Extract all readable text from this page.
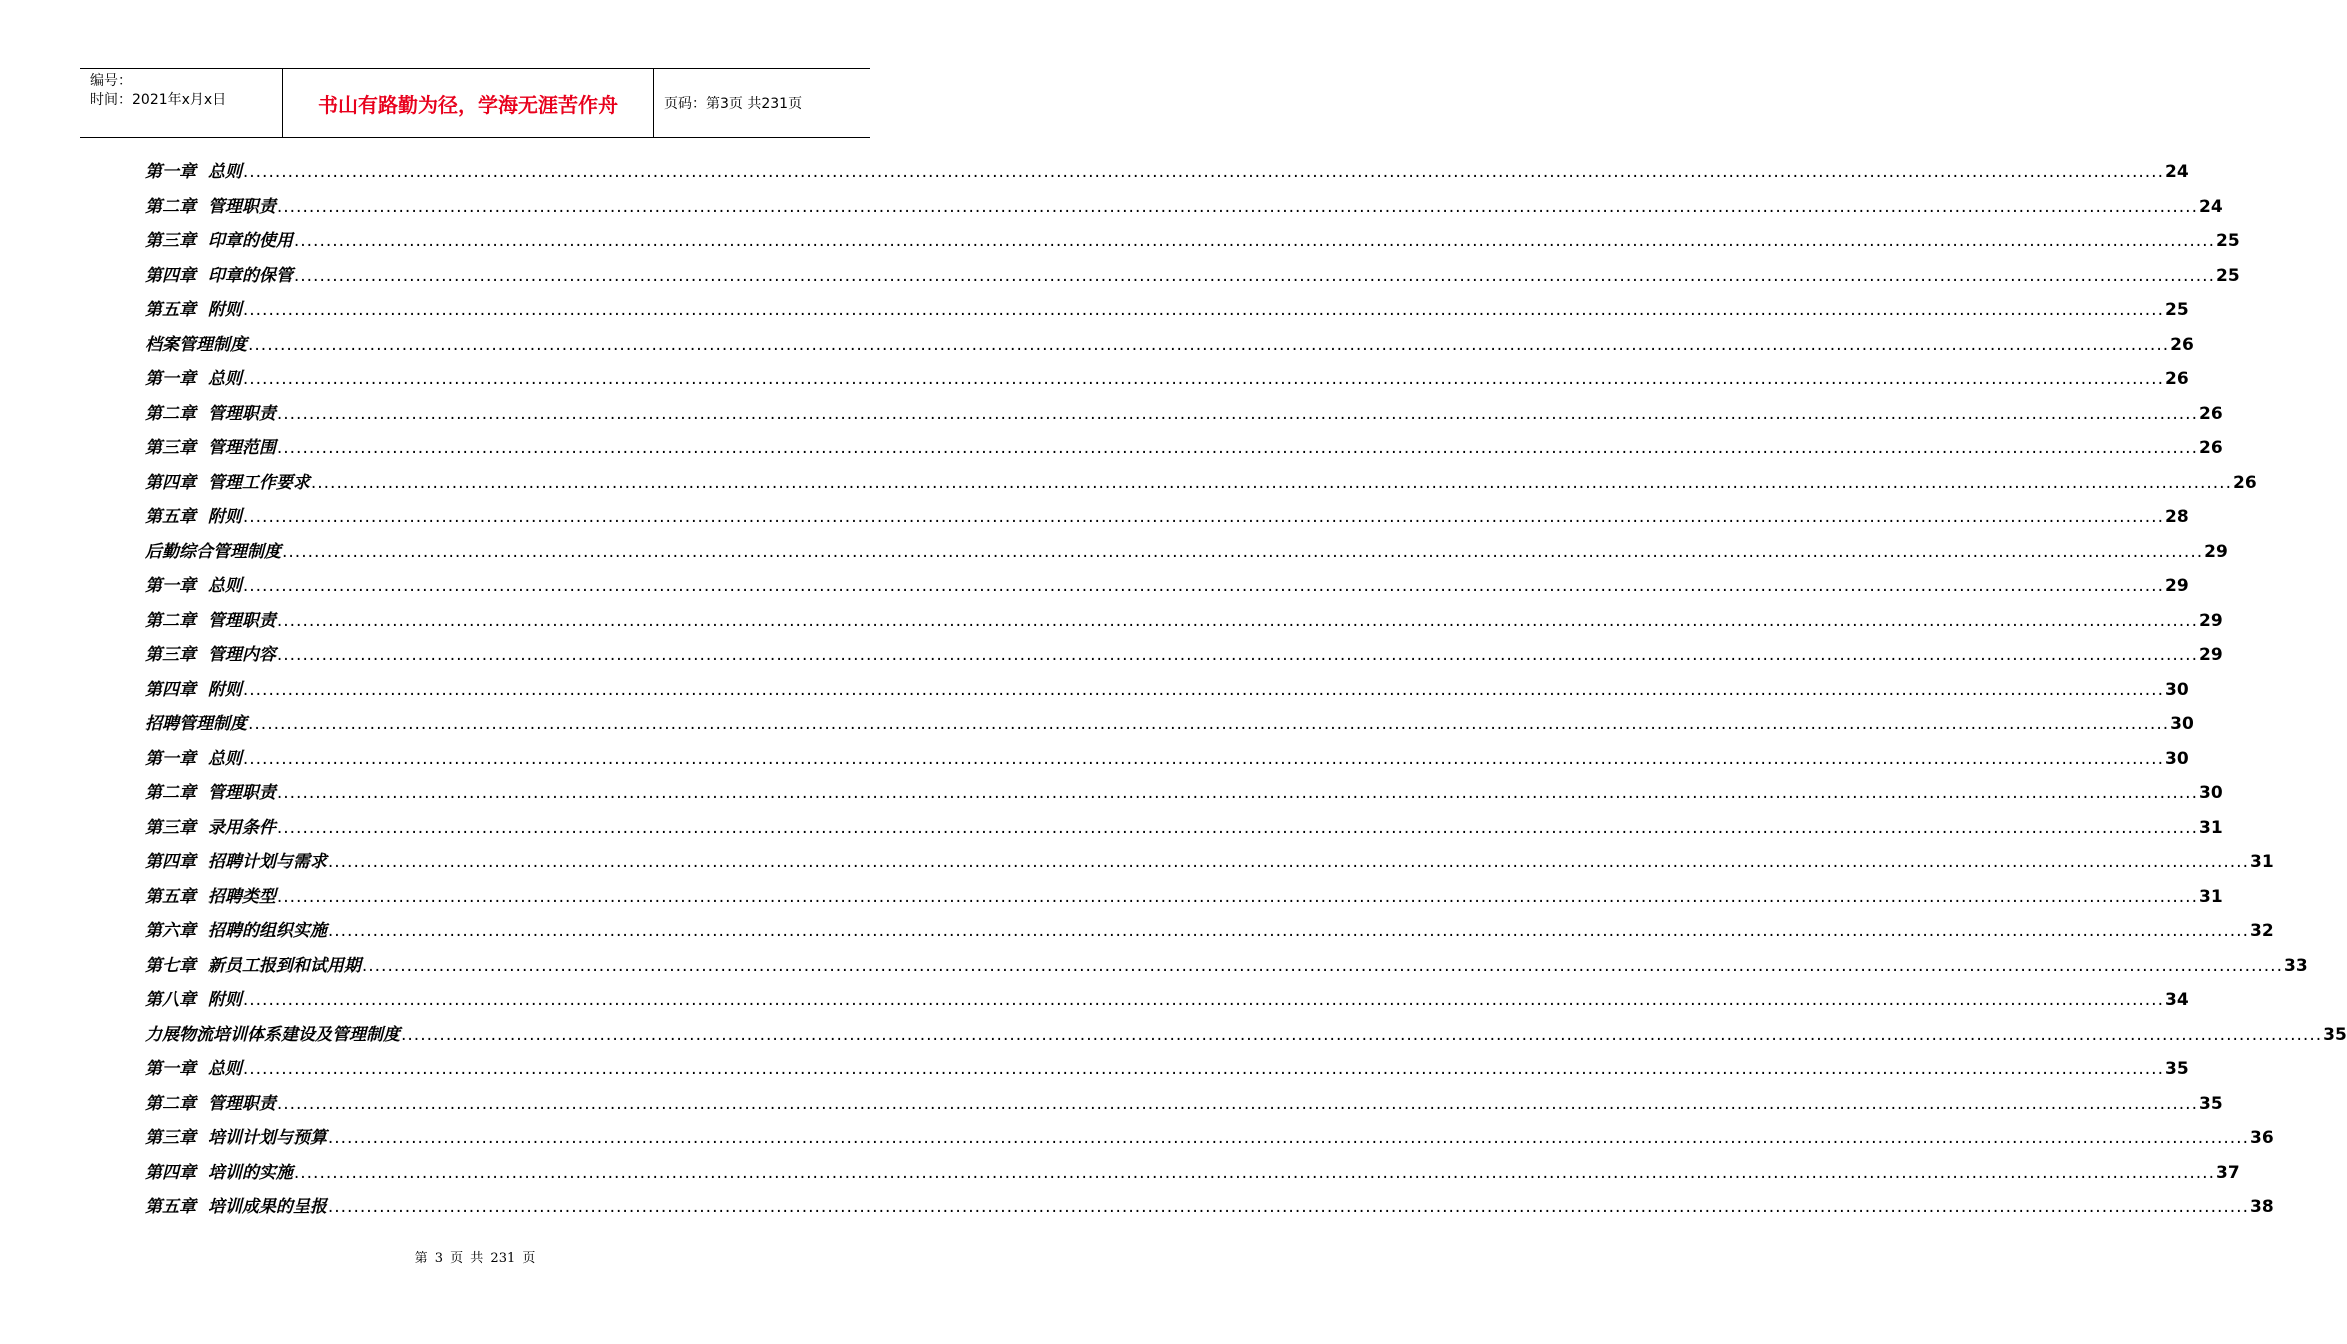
编号：
时间：2021年x月x日	书山有路勤为径，学海无涯苦作舟	页码：第3页 共231页
第一章  总则 ............................................................................................................................................................................................................................................................................................................ 24
第二章  管理职责 ............................................................................................................................................................................................................................................................................................................ 24
第三章  印章的使用 ............................................................................................................................................................................................................................................................................................................ 25
第四章  印章的保管 ............................................................................................................................................................................................................................................................................................................ 25
第五章  附则 ............................................................................................................................................................................................................................................................................................................ 25
档案管理制度 ............................................................................................................................................................................................................................................................................................................ 26
第一章  总则 ............................................................................................................................................................................................................................................................................................................ 26
第二章  管理职责 ............................................................................................................................................................................................................................................................................................................ 26
第三章  管理范围 ............................................................................................................................................................................................................................................................................................................ 26
第四章  管理工作要求 ............................................................................................................................................................................................................................................................................................................ 26
第五章  附则 ............................................................................................................................................................................................................................................................................................................ 28
后勤综合管理制度 ............................................................................................................................................................................................................................................................................................................ 29
第一章  总则 ............................................................................................................................................................................................................................................................................................................ 29
第二章  管理职责 ............................................................................................................................................................................................................................................................................................................ 29
第三章  管理内容 ............................................................................................................................................................................................................................................................................................................ 29
第四章  附则 ............................................................................................................................................................................................................................................................................................................ 30
招聘管理制度 ............................................................................................................................................................................................................................................................................................................ 30
第一章  总则 ............................................................................................................................................................................................................................................................................................................ 30
第二章  管理职责 ............................................................................................................................................................................................................................................................................................................ 30
第三章  录用条件 ............................................................................................................................................................................................................................................................................................................ 31
第四章  招聘计划与需求 ............................................................................................................................................................................................................................................................................................................ 31
第五章  招聘类型 ............................................................................................................................................................................................................................................................................................................ 31
第六章  招聘的组织实施 ............................................................................................................................................................................................................................................................................................................ 32
第七章  新员工报到和试用期 ............................................................................................................................................................................................................................................................................................................ 33
第八章  附则 ............................................................................................................................................................................................................................................................................................................ 34
力展物流培训体系建设及管理制度 ............................................................................................................................................................................................................................................................................................................ 35
第一章  总则 ............................................................................................................................................................................................................................................................................................................ 35
第二章  管理职责 ............................................................................................................................................................................................................................................................................................................ 35
第三章  培训计划与预算 ............................................................................................................................................................................................................................................................................................................ 36
第四章  培训的实施 ............................................................................................................................................................................................................................................................................................................ 37
第五章  培训成果的呈报 ............................................................................................................................................................................................................................................................................................................ 38
第 3 页 共 231 页
